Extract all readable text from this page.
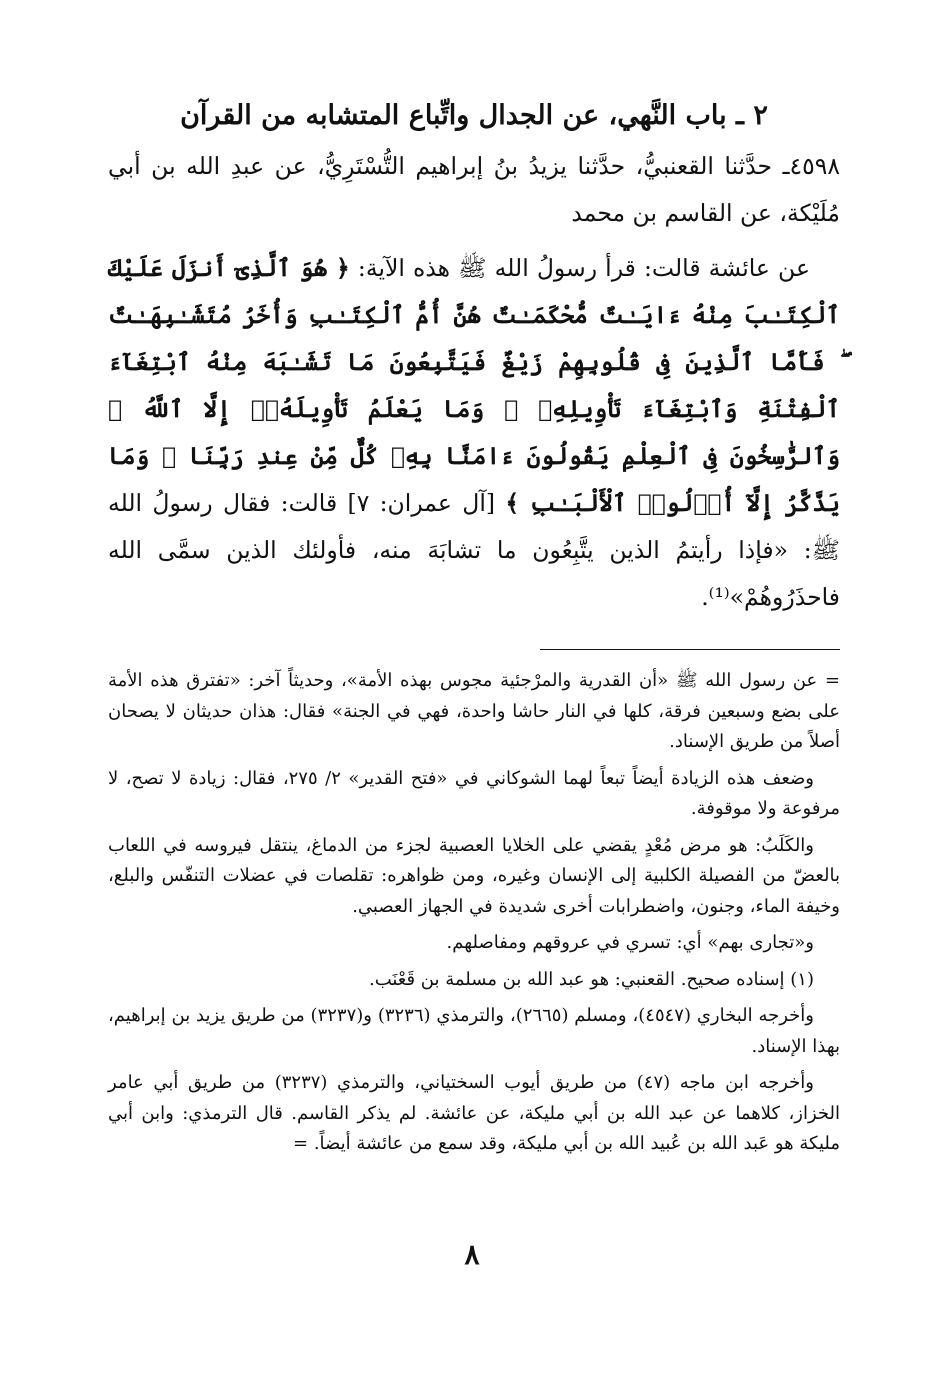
٢ ـ باب النَّهي، عن الجدال واتِّباع المتشابه من القرآن

٤٥٩٨ـ حدَّثنا القعنبيُّ، حدَّثنا يزيدُ بنُ إبراهيم التُّسْتَرِيُّ، عن عبدِ الله بن أبي مُلَيْكة، عن القاسم بن محمد

عن عائشة قالت: قرأ رسولُ الله ﷺ هذه الآية: ﴿ هُوَ ٱلَّذِىٓ أَنزَلَ عَلَيْكَ ٱلْكِتَـٰبَ مِنْهُ ءَايَـٰتٌ مُّحْكَمَـٰتٌ هُنَّ أُمُّ ٱلْكِتَـٰبِ وَأُخَرُ مُتَشَـٰبِهَـٰتٌ ۖ فَأَمَّا ٱلَّذِينَ فِى قُلُوبِهِمْ زَيْغٌ فَيَتَّبِعُونَ مَا تَشَـٰبَهَ مِنْهُ ٱبْتِغَآءَ ٱلْفِتْنَةِ وَٱبْتِغَآءَ تَأْوِيلِهِۦ ۗ وَمَا يَعْلَمُ تَأْوِيلَهُۥٓ إِلَّا ٱللَّهُ ۗ وَٱلرَّٰسِخُونَ فِى ٱلْعِلْمِ يَقُولُونَ ءَامَنَّا بِهِۦ كُلٌّ مِّنْ عِندِ رَبِّنَا ۗ وَمَا يَذَّكَّرُ إِلَّآ أُو۟لُوا۟ ٱلْأَلْبَـٰبِ ﴾ [آل عمران: ٧] قالت: فقال رسولُ الله ﷺ: «فإذا رأيتمُ الذين يتَّبِعُون ما تشابَهَ منه، فأولئك الذين سمَّى الله فاحذَرُوهُمْ»⁽¹⁾.

= عن رسول الله ﷺ «أن القدرية والمرْجئية مجوس بهذه الأمة»، وحديثاً آخر: «تفترق هذه الأمة على بضع وسبعين فرقة، كلها في النار حاشا واحدة، فهي في الجنة» فقال: هذان حديثان لا يصحان أصلاً من طريق الإسناد.

وضعف هذه الزيادة أيضاً تبعاً لهما الشوكاني في «فتح القدير» ٢/ ٢٧٥، فقال: زيادة لا تصح، لا مرفوعة ولا موقوفة.

والكَلَبُ: هو مرض مُعْدٍ يقضي على الخلايا العصبية لجزء من الدماغ، ينتقل فيروسه في اللعاب بالعضّ من الفصيلة الكلبية إلى الإنسان وغيره، ومن ظواهره: تقلصات في عضلات التنفّس والبلع، وخيفة الماء، وجنون، واضطرابات أخرى شديدة في الجهاز العصبي.

و«تجارى بهم» أي: تسري في عروقهم ومفاصلهم.

(١) إسناده صحيح. القعنبي: هو عبد الله بن مسلمة بن قَعْنَب.

وأخرجه البخاري (٤٥٤٧)، ومسلم (٢٦٦٥)، والترمذي (٣٢٣٦) و(٣٢٣٧) من طريق يزيد بن إبراهيم، بهذا الإسناد.

وأخرجه ابن ماجه (٤٧) من طريق أيوب السختياني، والترمذي (٣٢٣٧) من طريق أبي عامر الخزاز، كلاهما عن عبد الله بن أبي مليكة، عن عائشة. لم يذكر القاسم. قال الترمذي: وابن أبي مليكة هو عَبد الله بن عُبيد الله بن أبي مليكة، وقد سمع من عائشة أيضاً. =

٨
